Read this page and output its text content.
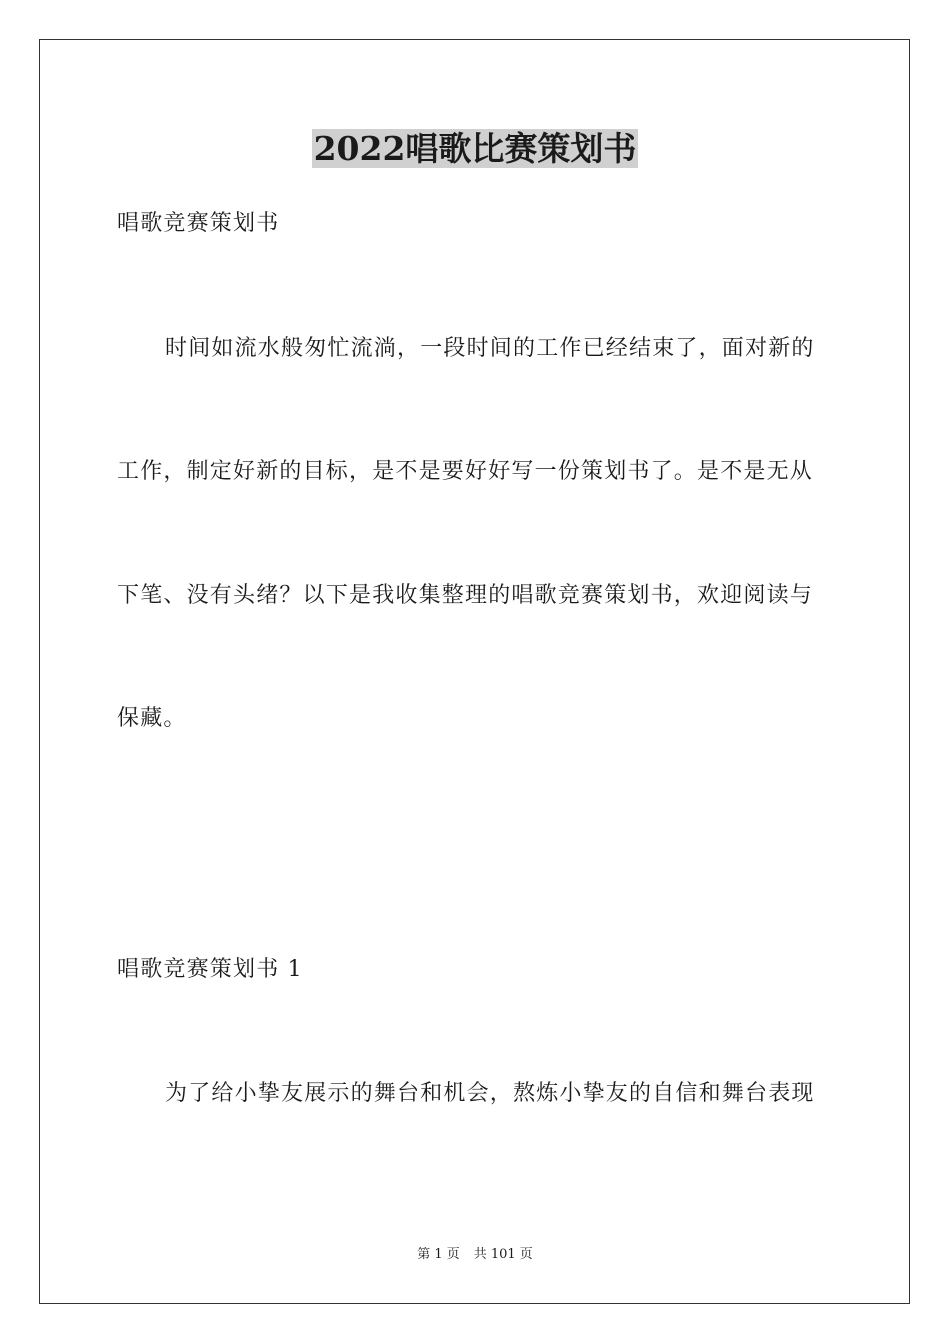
2022唱歌比赛策划书
唱歌竞赛策划书
时间如流水般匆忙流淌，一段时间的工作已经结束了，面对新的
工作，制定好新的目标，是不是要好好写一份策划书了。是不是无从
下笔、没有头绪？以下是我收集整理的唱歌竞赛策划书，欢迎阅读与
保藏。
唱歌竞赛策划书 1
为了给小挚友展示的舞台和机会，熬炼小挚友的自信和舞台表现
第 1 页 共 101 页
